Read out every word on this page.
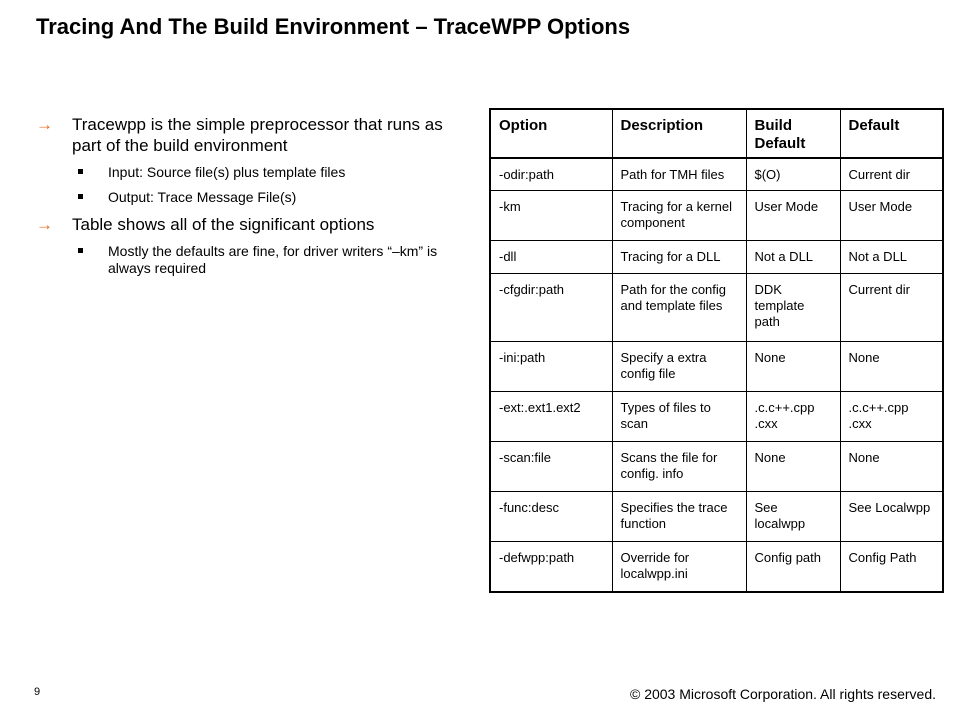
Tracing And The Build Environment – TraceWPP Options
→ Tracewpp is the simple preprocessor that runs as part of the build environment
Input: Source file(s) plus template files
Output: Trace Message File(s)
→ Table shows all of the significant options
Mostly the defaults are fine, for driver writers “–km” is always required
Option	Description	Build Default	Default
-odir:path	Path for TMH files	$(O)	Current dir
-km	Tracing for a kernel component	User Mode	User Mode
-dll	Tracing for a DLL	Not a DLL	Not a DLL
-cfgdir:path	Path for the config and template files	DDK template path	Current dir
-ini:path	Specify a extra config file	None	None
-ext:.ext1.ext2	Types of files to scan	.c.c++.cpp .cxx	.c.c++.cpp .cxx
-scan:file	Scans the file for config. info	None	None
-func:desc	Specifies the trace function	See localwpp	See Localwpp
-defwpp:path	Override for localwpp.ini	Config path	Config Path
9	© 2003 Microsoft Corporation. All rights reserved.
